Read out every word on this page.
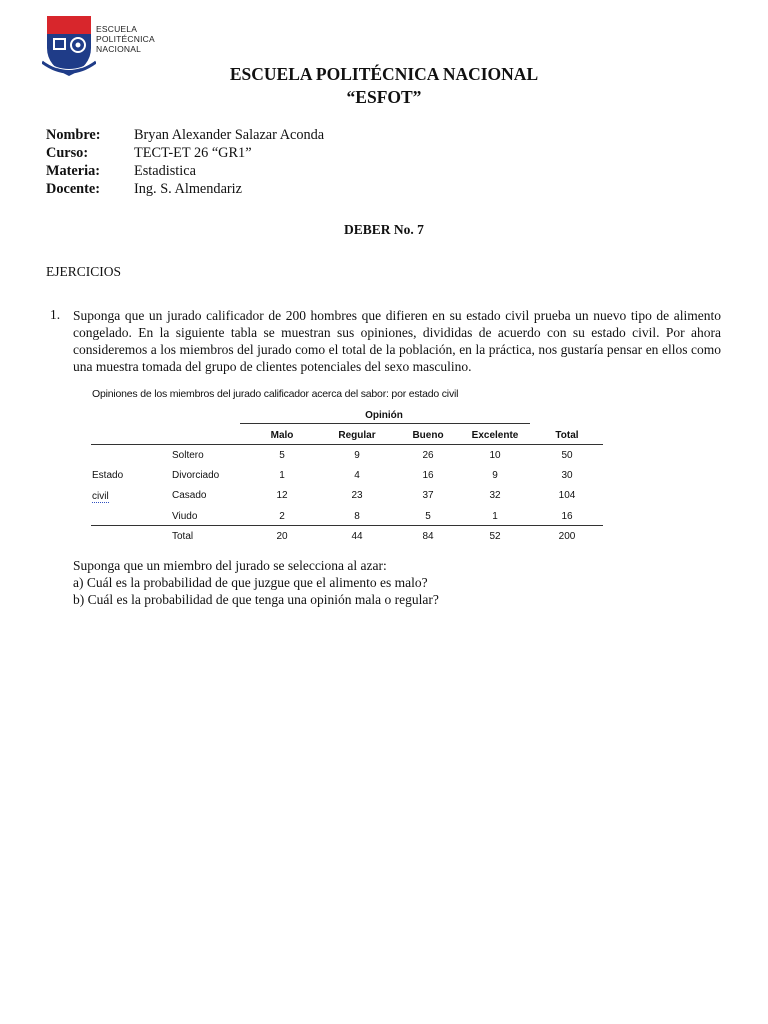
ESCUELA
POLITÉCNICA
NACIONAL
ESCUELA POLITÉCNICA NACIONAL
“ESFOT”
Nombre:	Bryan Alexander Salazar Aconda
Curso:	TECT-ET 26 “GR1”
Materia:	Estadistica
Docente:	Ing. S. Almendariz
DEBER No. 7
EJERCICIOS
1. Suponga que un jurado calificador de 200 hombres que difieren en su estado civil prueba un nuevo tipo de alimento congelado. En la siguiente tabla se muestran sus opiniones, divididas de acuerdo con su estado civil. Por ahora consideremos a los miembros del jurado como el total de la población, en la práctica, nos gustaría pensar en ellos como una muestra tomada del grupo de clientes potenciales del sexo masculino.
Opiniones de los miembros del jurado calificador acerca del sabor: por estado civil
Opinión
Malo	Regular	Bueno	Excelente	Total
Estado
civil
Soltero	5	9	26	10	50
Divorciado	1	4	16	9	30
Casado	12	23	37	32	104
Viudo	2	8	5	1	16
Total	20	44	84	52	200
Suponga que un miembro del jurado se selecciona al azar:
a) Cuál es la probabilidad de que juzgue que el alimento es malo?
b) Cuál es la probabilidad de que tenga una opinión mala o regular?
